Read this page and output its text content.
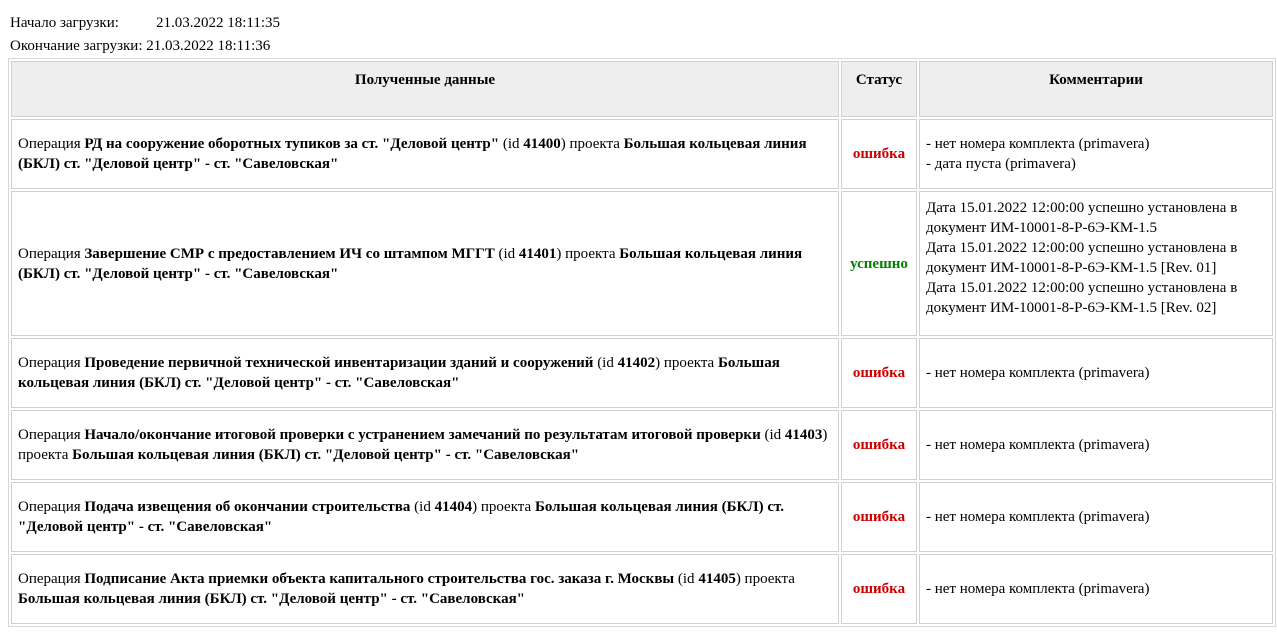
Начало загрузки: 21.03.2022 18:11:35
Окончание загрузки: 21.03.2022 18:11:36
Полученные данные	Статус	Комментарии
Операция РД на сооружение оборотных тупиков за ст. "Деловой центр" (id 41400) проекта Большая кольцевая линия (БКЛ) ст. "Деловой центр" - ст. "Савеловская"	ошибка	- нет номера комплекта (primavera)
- дата пуста (primavera)

Операция Завершение СМР с предоставлением ИЧ со штампом МГГТ (id 41401) проекта Большая кольцевая линия (БКЛ) ст. "Деловой центр" - ст. "Савеловская"	успешно	Дата 15.01.2022 12:00:00 успешно установлена в документ ИМ-10001-8-Р-6Э-КМ-1.5
Дата 15.01.2022 12:00:00 успешно установлена в документ ИМ-10001-8-Р-6Э-КМ-1.5 [Rev. 01]
Дата 15.01.2022 12:00:00 успешно установлена в документ ИМ-10001-8-Р-6Э-КМ-1.5 [Rev. 02]

Операция Проведение первичной технической инвентаризации зданий и сооружений (id 41402) проекта Большая кольцевая линия (БКЛ) ст. "Деловой центр" - ст. "Савеловская"	ошибка	- нет номера комплекта (primavera)

Операция Начало/окончание итоговой проверки с устранением замечаний по результатам итоговой проверки (id 41403) проекта Большая кольцевая линия (БКЛ) ст. "Деловой центр" - ст. "Савеловская"	ошибка	- нет номера комплекта (primavera)

Операция Подача извещения об окончании строительства (id 41404) проекта Большая кольцевая линия (БКЛ) ст. "Деловой центр" - ст. "Савеловская"	ошибка	- нет номера комплекта (primavera)

Операция Подписание Акта приемки объекта капитального строительства гос. заказа г. Москвы (id 41405) проекта Большая кольцевая линия (БКЛ) ст. "Деловой центр" - ст. "Савеловская"	ошибка	- нет номера комплекта (primavera)
